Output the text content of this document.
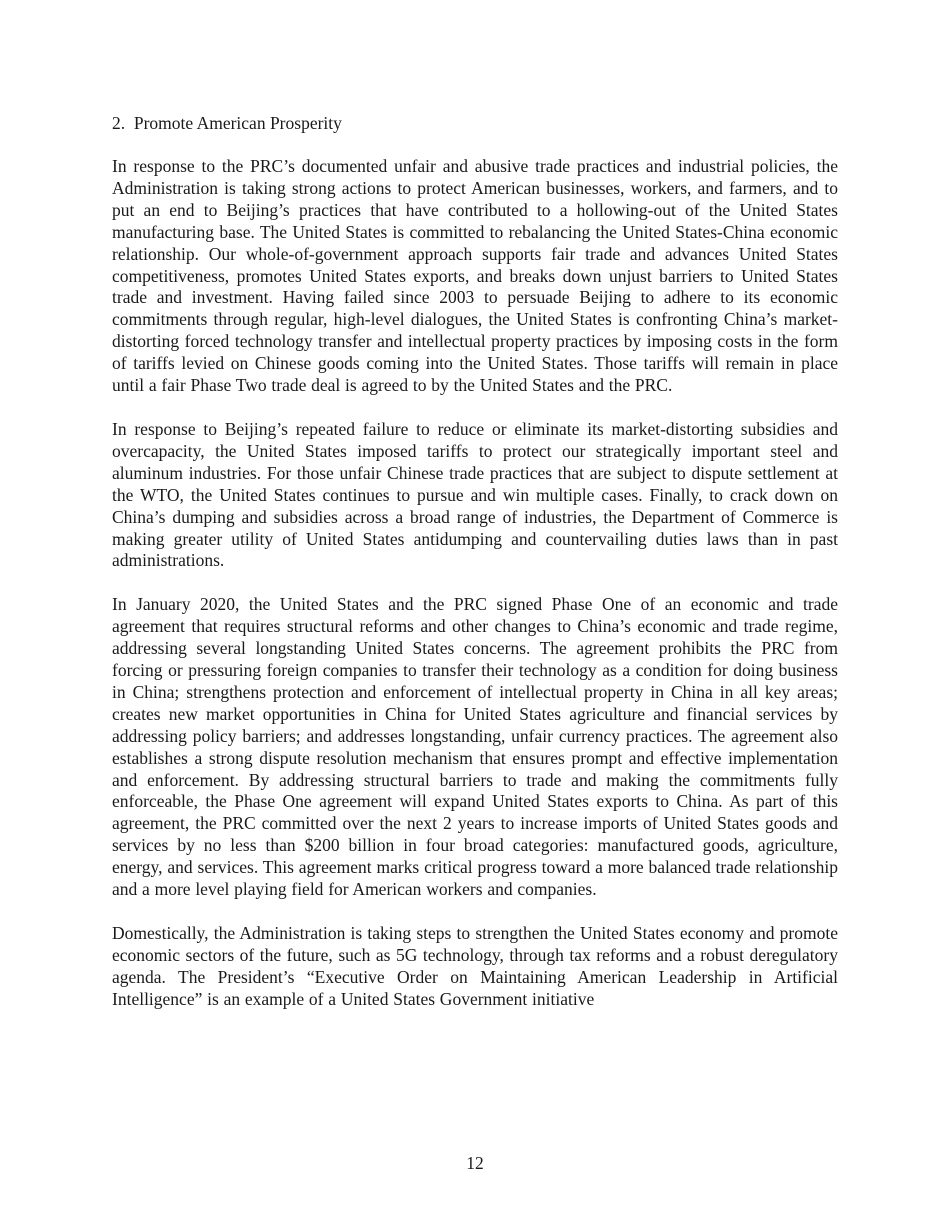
2.  Promote American Prosperity

In response to the PRC’s documented unfair and abusive trade practices and industrial policies, the Administration is taking strong actions to protect American businesses, workers, and farmers, and to put an end to Beijing’s practices that have contributed to a hollowing-out of the United States manufacturing base. The United States is committed to rebalancing the United States-China economic relationship. Our whole-of-government approach supports fair trade and advances United States competitiveness, promotes United States exports, and breaks down unjust barriers to United States trade and investment. Having failed since 2003 to persuade Beijing to adhere to its economic commitments through regular, high-level dialogues, the United States is confronting China’s market-distorting forced technology transfer and intellectual property practices by imposing costs in the form of tariffs levied on Chinese goods coming into the United States. Those tariffs will remain in place until a fair Phase Two trade deal is agreed to by the United States and the PRC.

In response to Beijing’s repeated failure to reduce or eliminate its market-distorting subsidies and overcapacity, the United States imposed tariffs to protect our strategically important steel and aluminum industries. For those unfair Chinese trade practices that are subject to dispute settlement at the WTO, the United States continues to pursue and win multiple cases. Finally, to crack down on China’s dumping and subsidies across a broad range of industries, the Department of Commerce is making greater utility of United States antidumping and countervailing duties laws than in past administrations.

In January 2020, the United States and the PRC signed Phase One of an economic and trade agreement that requires structural reforms and other changes to China’s economic and trade regime, addressing several longstanding United States concerns. The agreement prohibits the PRC from forcing or pressuring foreign companies to transfer their technology as a condition for doing business in China; strengthens protection and enforcement of intellectual property in China in all key areas; creates new market opportunities in China for United States agriculture and financial services by addressing policy barriers; and addresses longstanding, unfair currency practices. The agreement also establishes a strong dispute resolution mechanism that ensures prompt and effective implementation and enforcement. By addressing structural barriers to trade and making the commitments fully enforceable, the Phase One agreement will expand United States exports to China. As part of this agreement, the PRC committed over the next 2 years to increase imports of United States goods and services by no less than $200 billion in four broad categories: manufactured goods, agriculture, energy, and services. This agreement marks critical progress toward a more balanced trade relationship and a more level playing field for American workers and companies.

Domestically, the Administration is taking steps to strengthen the United States economy and promote economic sectors of the future, such as 5G technology, through tax reforms and a robust deregulatory agenda. The President’s “Executive Order on Maintaining American Leadership in Artificial Intelligence” is an example of a United States Government initiative

12
